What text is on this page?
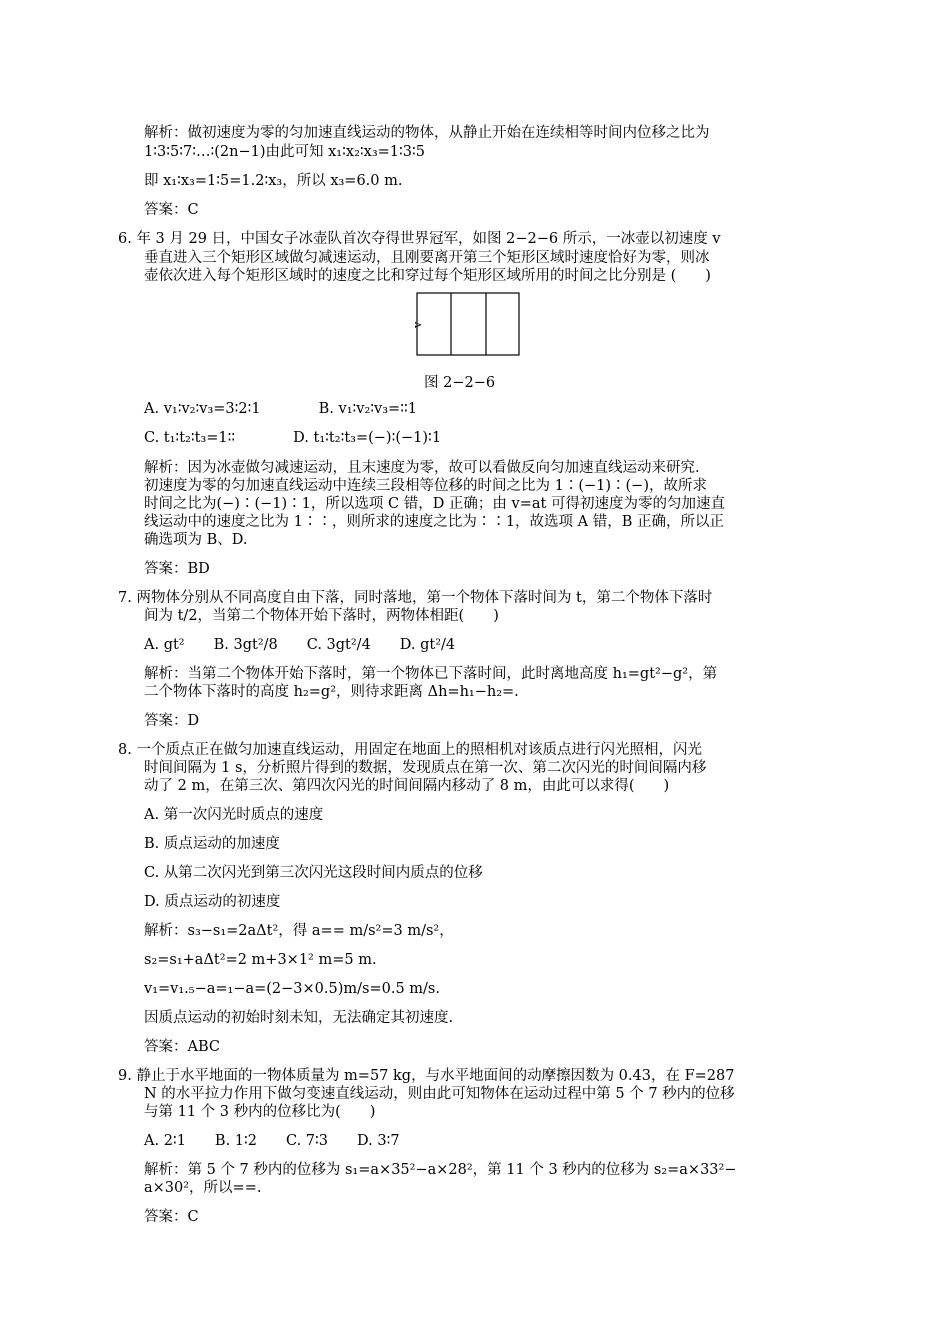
解析：做初速度为零的匀加速直线运动的物体，从静止开始在连续相等时间内位移之比为
1∶3∶5∶7∶…∶(2n−1)由此可知 x₁∶x₂∶x₃=1∶3∶5
即 x₁∶x₃=1∶5=1.2∶x₃，所以 x₃=6.0 m.
答案：C
6. 年 3 月 29 日，中国女子冰壶队首次夺得世界冠军，如图 2−2−6 所示，一冰壶以初速度 v
垂直进入三个矩形区域做匀减速运动，且刚要离开第三个矩形区域时速度恰好为零，则冰
壶依次进入每个矩形区域时的速度之比和穿过每个矩形区域所用的时间之比分别是 (　　)
v
图 2−2−6
A. v₁∶v₂∶v₃=3∶2∶1　　　　B. v₁∶v₂∶v₃=∶∶1
C. t₁∶t₂∶t₃=1∶∶　　　　D. t₁∶t₂∶t₃=(−)∶(−1)∶1
解析：因为冰壶做匀减速运动，且末速度为零，故可以看做反向匀加速直线运动来研究.
初速度为零的匀加速直线运动中连续三段相等位移的时间之比为 1∶(−1)∶(−)，故所求
时间之比为(−)∶(−1)∶1，所以选项 C 错，D 正确；由 v=at 可得初速度为零的匀加速直
线运动中的速度之比为 1∶∶，则所求的速度之比为∶∶1，故选项 A 错，B 正确，所以正
确选项为 B、D.
答案：BD
7. 两物体分别从不同高度自由下落，同时落地，第一个物体下落时间为 t，第二个物体下落时
间为 t/2，当第二个物体开始下落时，两物体相距(　　)
A. gt²　　B. 3gt²/8　　C. 3gt²/4　　D. gt²/4
解析：当第二个物体开始下落时，第一个物体已下落时间，此时离地高度 h₁=gt²−g²，第
二个物体下落时的高度 h₂=g²，则待求距离 Δh=h₁−h₂=.
答案：D
8. 一个质点正在做匀加速直线运动，用固定在地面上的照相机对该质点进行闪光照相，闪光
时间间隔为 1 s，分析照片得到的数据，发现质点在第一次、第二次闪光的时间间隔内移
动了 2 m，在第三次、第四次闪光的时间间隔内移动了 8 m，由此可以求得(　　)
A. 第一次闪光时质点的速度
B. 质点运动的加速度
C. 从第二次闪光到第三次闪光这段时间内质点的位移
D. 质点运动的初速度
解析：s₃−s₁=2aΔt²，得 a== m/s²=3 m/s²，
s₂=s₁+aΔt²=2 m+3×1² m=5 m.
v₁=v₁.₅−a=₁−a=(2−3×0.5)m/s=0.5 m/s.
因质点运动的初始时刻未知，无法确定其初速度.
答案：ABC
9. 静止于水平地面的一物体质量为 m=57 kg，与水平地面间的动摩擦因数为 0.43，在 F=287
N 的水平拉力作用下做匀变速直线运动，则由此可知物体在运动过程中第 5 个 7 秒内的位移
与第 11 个 3 秒内的位移比为(　　)
A. 2∶1　　B. 1∶2　　C. 7∶3　　D. 3∶7
解析：第 5 个 7 秒内的位移为 s₁=a×35²−a×28²，第 11 个 3 秒内的位移为 s₂=a×33²−
a×30²，所以==.
答案：C
